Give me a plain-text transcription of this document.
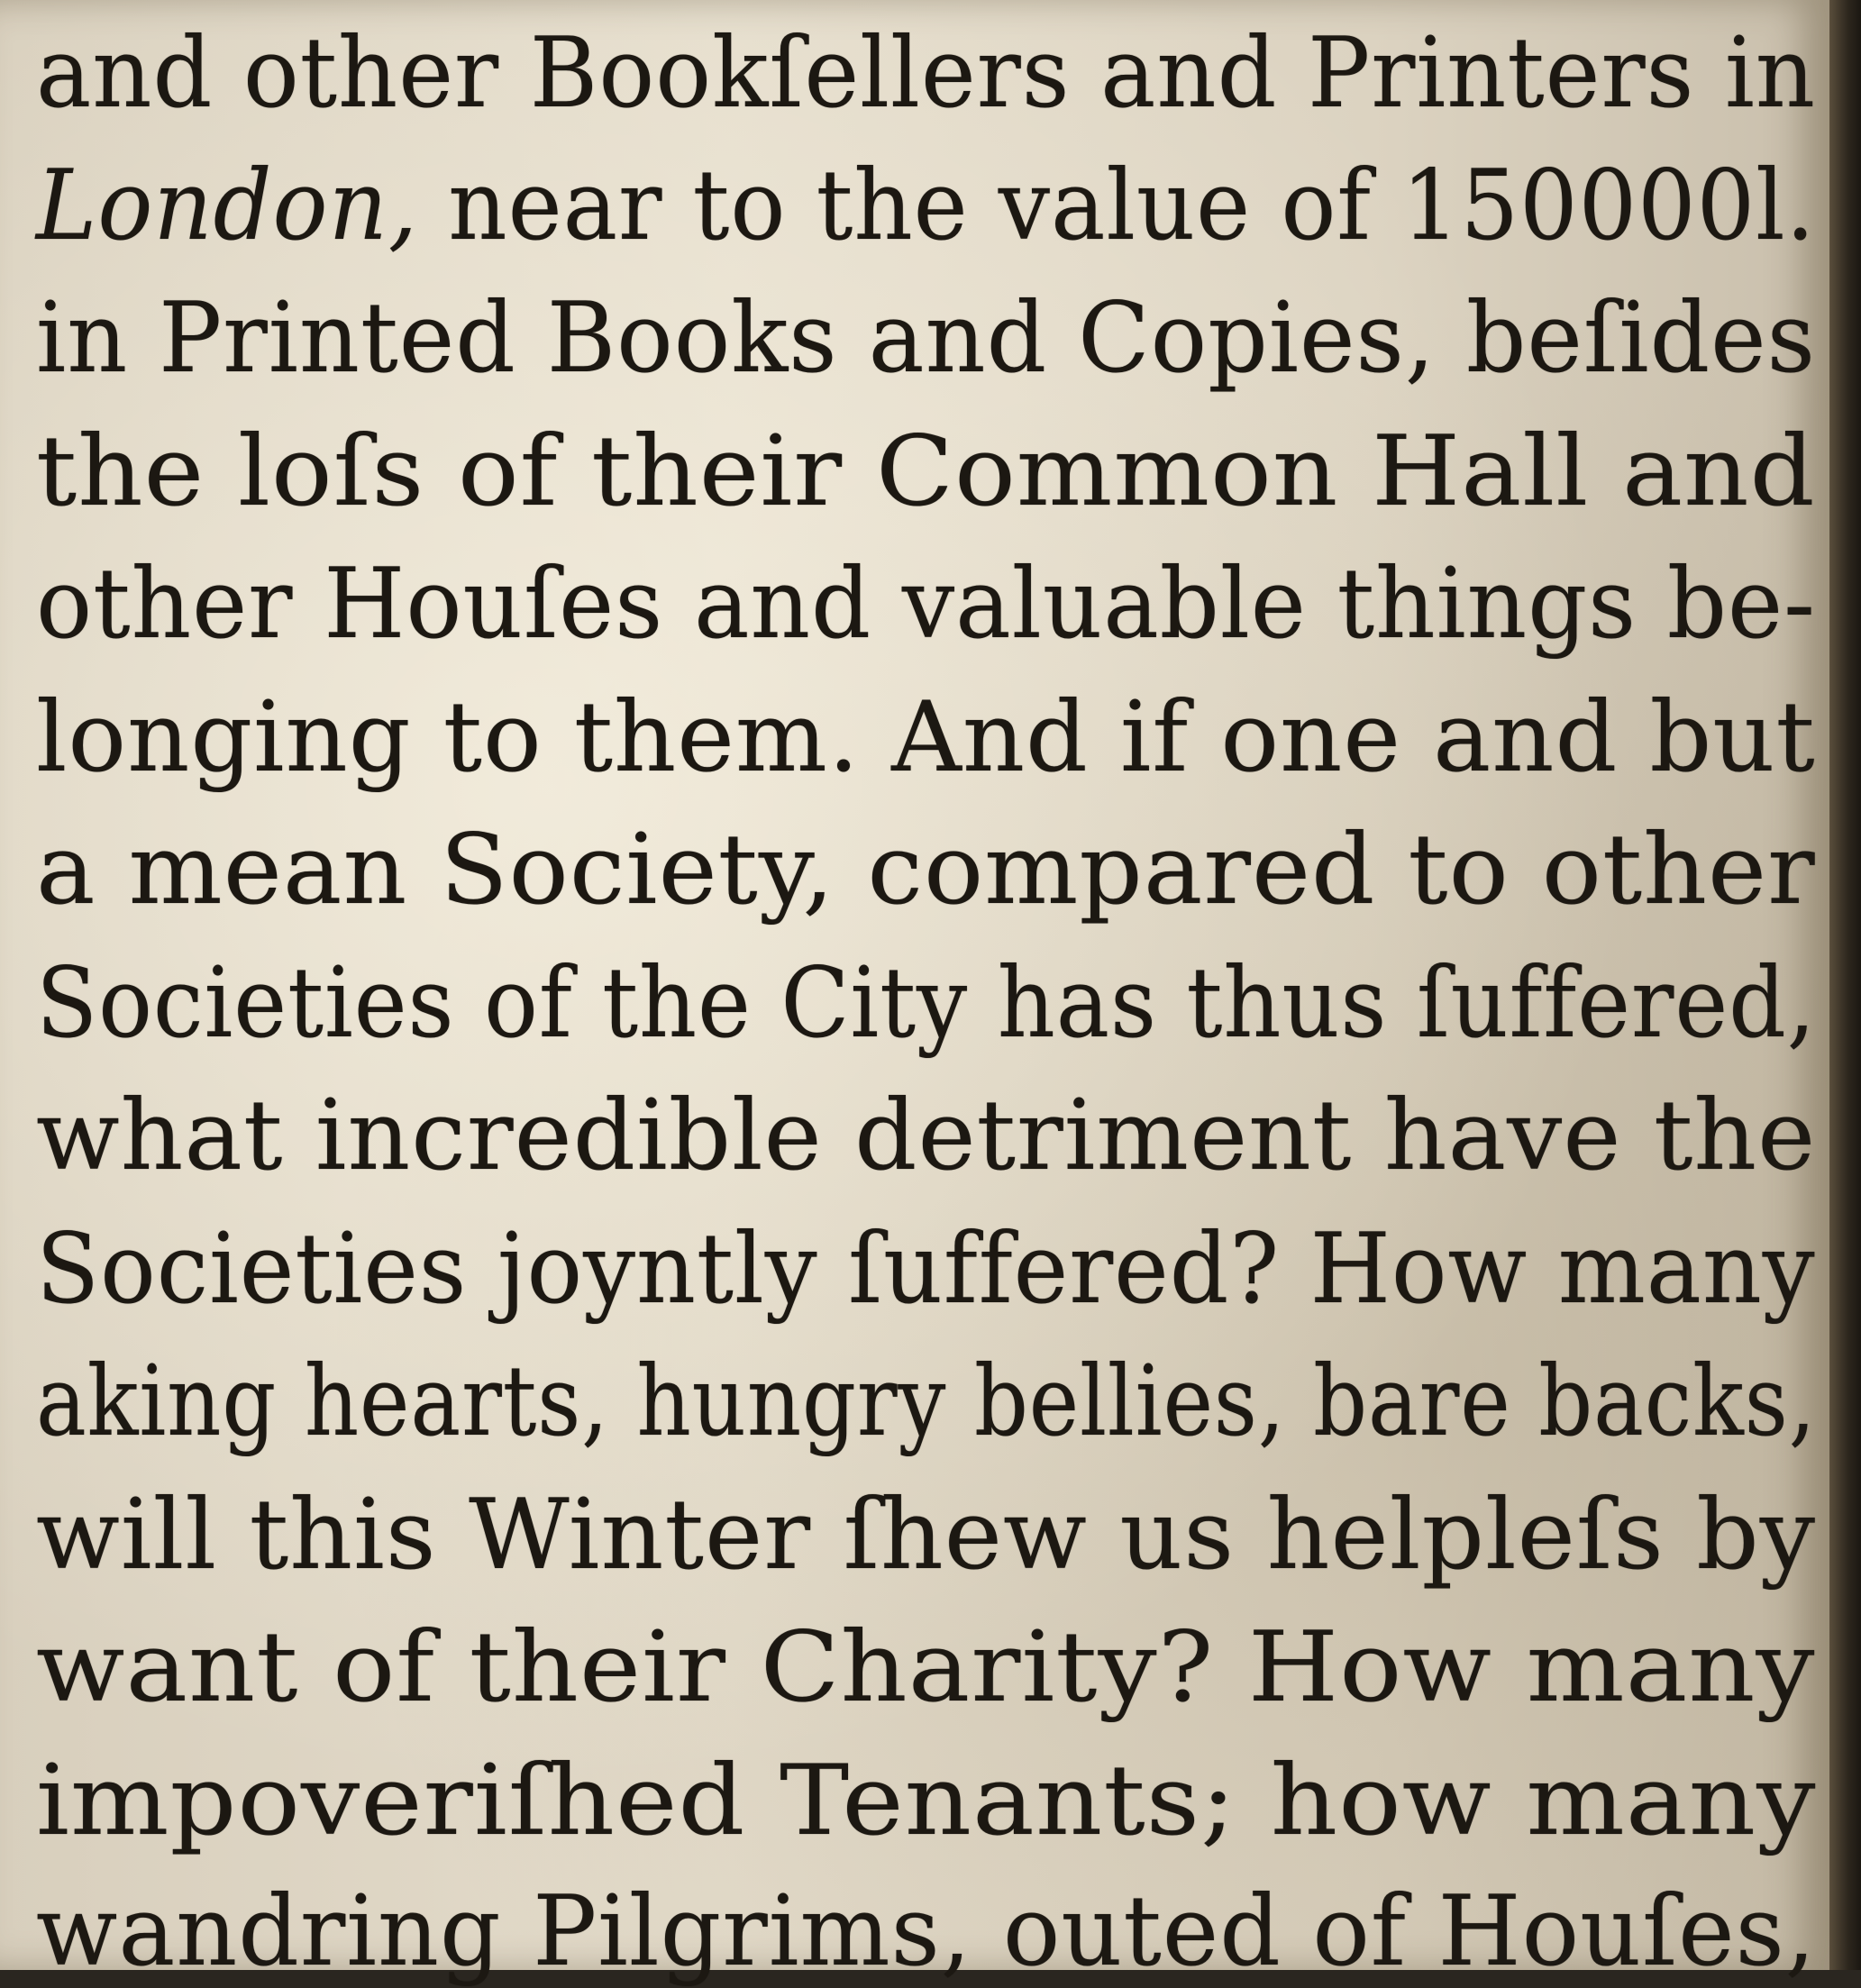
and other Bookſellers and Printers in
London, near to the value of 150000l.
in Printed Books and Copies, beſides
the loſs of their Common Hall and
other Houſes and valuable things be-
longing to them. And if one and but
a mean Society, compared to other
Societies of the City has thus ſuffered,
what incredible detriment have the
Societies joyntly ſuffered? How many
aking hearts, hungry bellies, bare backs,
will this Winter ſhew us helpleſs by
want of their Charity? How many
impoveriſhed Tenants; how many
wandring Pilgrims, outed of Houſes,
